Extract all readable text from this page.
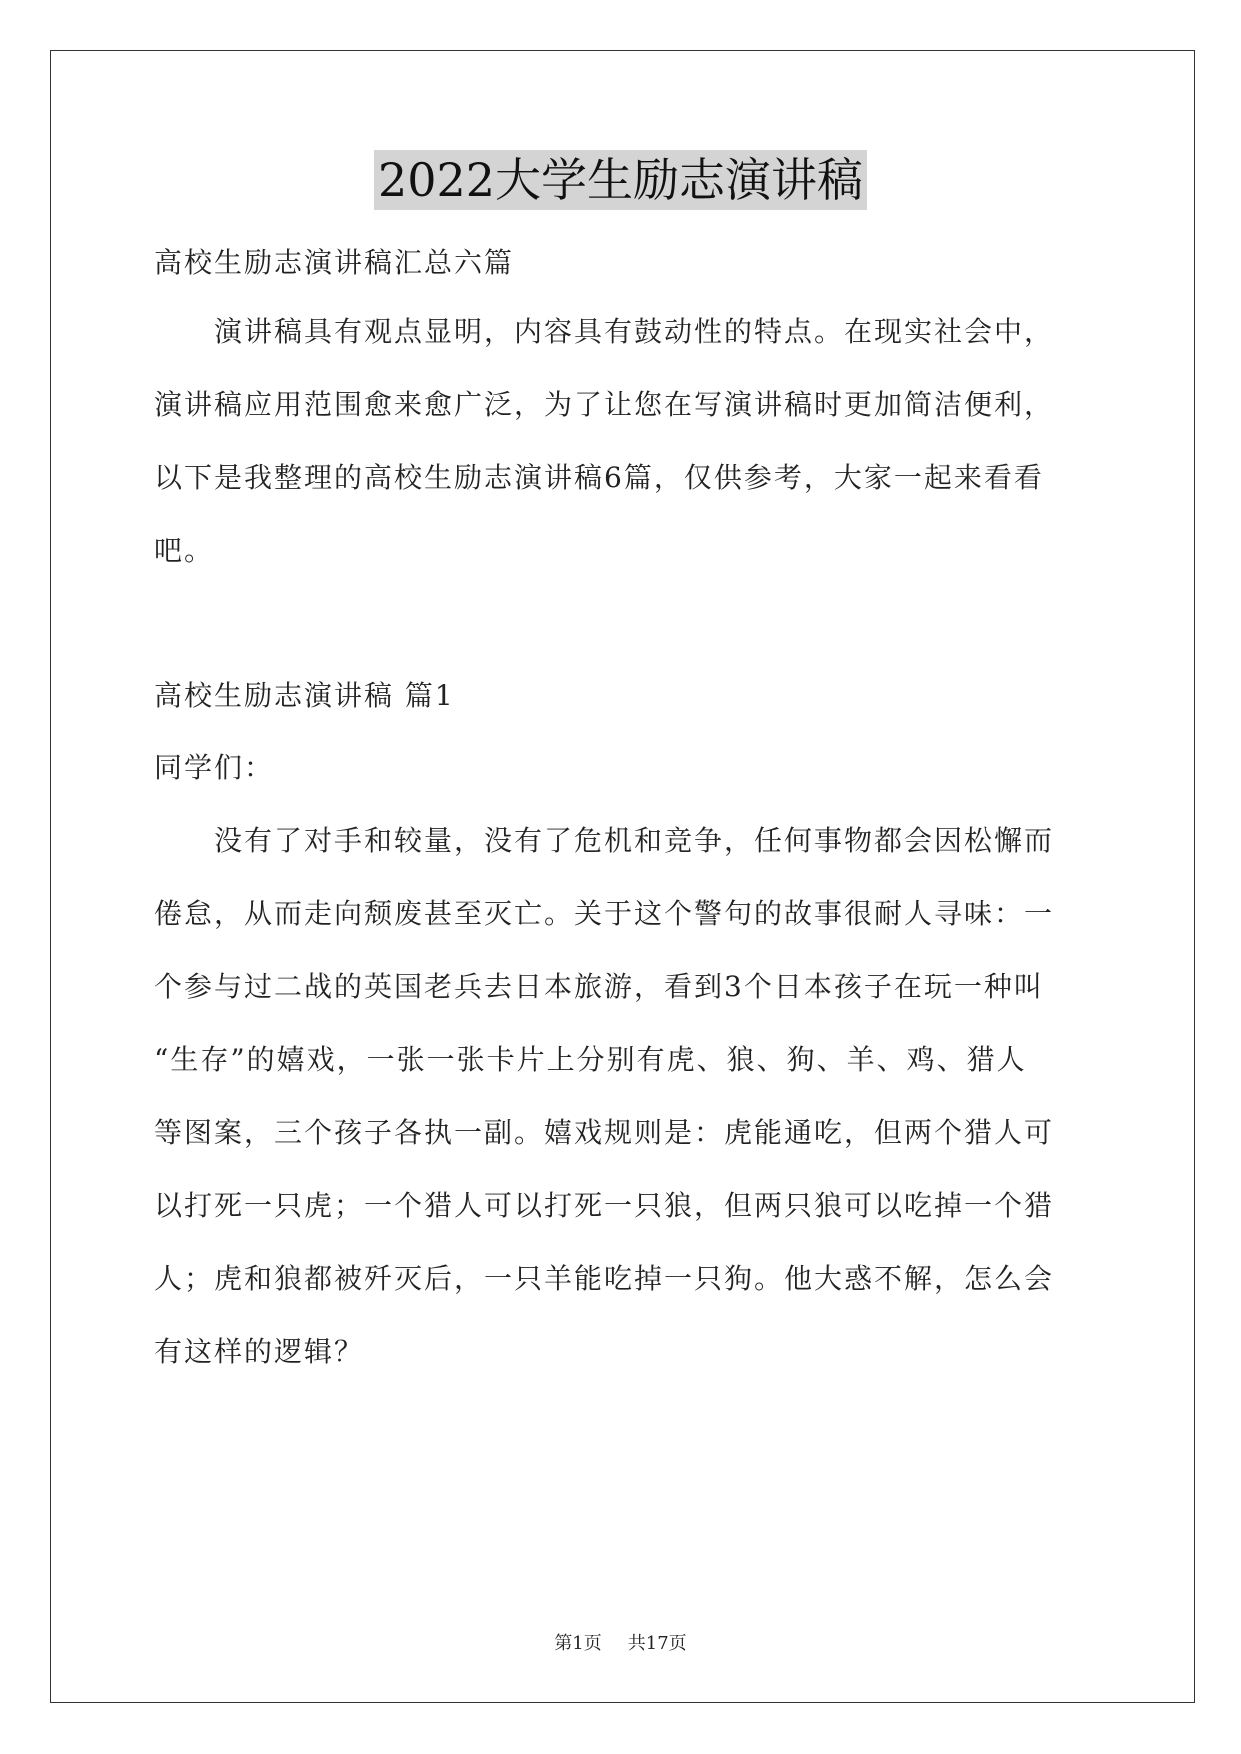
2022大学生励志演讲稿
高校生励志演讲稿汇总六篇
演讲稿具有观点显明，内容具有鼓动性的特点。在现实社会中，
演讲稿应用范围愈来愈广泛，为了让您在写演讲稿时更加简洁便利，
以下是我整理的高校生励志演讲稿6篇，仅供参考，大家一起来看看
吧。
高校生励志演讲稿 篇1
同学们：
没有了对手和较量，没有了危机和竞争，任何事物都会因松懈而
倦怠，从而走向颓废甚至灭亡。关于这个警句的故事很耐人寻味：一
个参与过二战的英国老兵去日本旅游，看到3个日本孩子在玩一种叫
“生存”的嬉戏，一张一张卡片上分别有虎、狼、狗、羊、鸡、猎人
等图案，三个孩子各执一副。嬉戏规则是：虎能通吃，但两个猎人可
以打死一只虎；一个猎人可以打死一只狼，但两只狼可以吃掉一个猎
人；虎和狼都被歼灭后，一只羊能吃掉一只狗。他大惑不解，怎么会
有这样的逻辑？
第1页 共17页
